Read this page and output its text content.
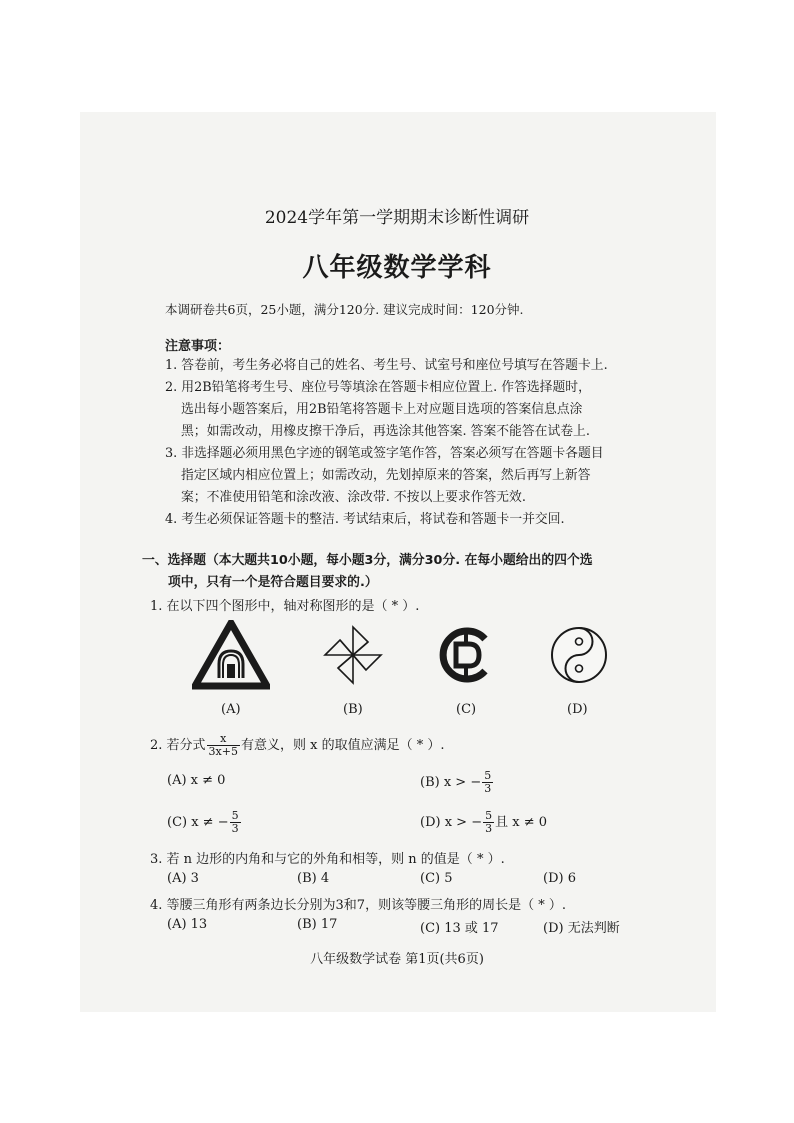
2024学年第一学期期末诊断性调研
八年级数学学科
本调研卷共6页，25小题，满分120分. 建议完成时间：120分钟.
注意事项：
1. 答卷前，考生务必将自己的姓名、考生号、试室号和座位号填写在答题卡上.
2. 用2B铅笔将考生号、座位号等填涂在答题卡相应位置上. 作答选择题时，
选出每小题答案后，用2B铅笔将答题卡上对应题目选项的答案信息点涂
黑；如需改动，用橡皮擦干净后，再选涂其他答案. 答案不能答在试卷上.
3. 非选择题必须用黑色字迹的钢笔或签字笔作答，答案必须写在答题卡各题目
指定区域内相应位置上；如需改动，先划掉原来的答案，然后再写上新答
案；不准使用铅笔和涂改液、涂改带. 不按以上要求作答无效.
4. 考生必须保证答题卡的整洁. 考试结束后，将试卷和答题卡一并交回.
一、选择题（本大题共10小题，每小题3分，满分30分. 在每小题给出的四个选
项中，只有一个是符合题目要求的.）
1. 在以下四个图形中，轴对称图形的是（ * ）.
(A)	(B)	(C)	(D)
2. 若分式 $\frac{x}{3x+5}$ 有意义，则 x 的取值应满足（ * ）.
(A) x ≠ 0	(B) x > − $\frac{5}{3}$
(C) x ≠ − $\frac{5}{3}$	(D) x > − $\frac{5}{3}$ 且 x ≠ 0
3. 若 n 边形的内角和与它的外角和相等，则 n 的值是（ * ）.
(A) 3	(B) 4	(C) 5	(D) 6
4. 等腰三角形有两条边长分别为3和7，则该等腰三角形的周长是（ * ）.
(A) 13	(B) 17	(C) 13 或 17	(D) 无法判断
八年级数学试卷 第1页(共6页)
